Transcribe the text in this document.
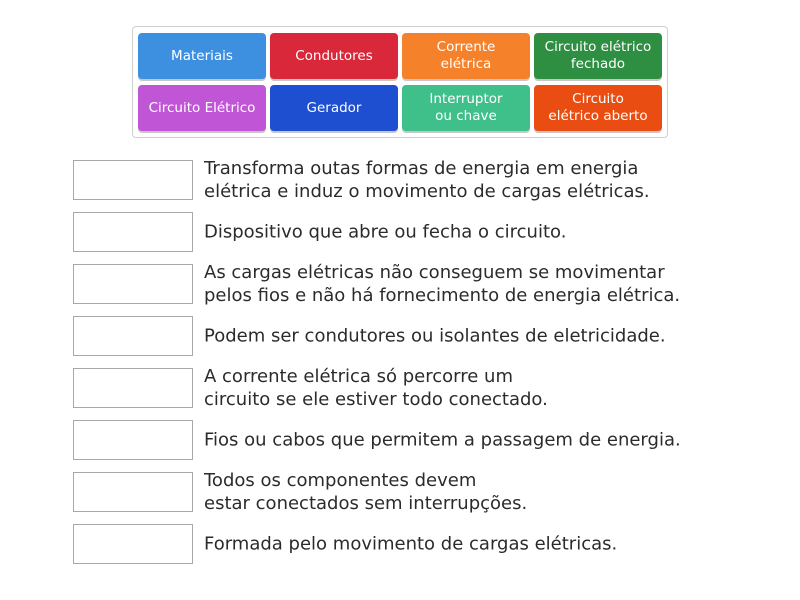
Materiais	Condutores
Corrente
elétrica
Circuito elétrico
fechado
Circuito Elétrico	Gerador
Interruptor
ou chave
Circuito
elétrico aberto
Transforma outas formas de energia em energia
elétrica e induz o movimento de cargas elétricas.
Dispositivo que abre ou fecha o circuito.
As cargas elétricas não conseguem se movimentar
pelos fios e não há fornecimento de energia elétrica.
Podem ser condutores ou isolantes de eletricidade.
A corrente elétrica só percorre um
circuito se ele estiver todo conectado.
Fios ou cabos que permitem a passagem de energia.
Todos os componentes devem
estar conectados sem interrupções.
Formada pelo movimento de cargas elétricas.
